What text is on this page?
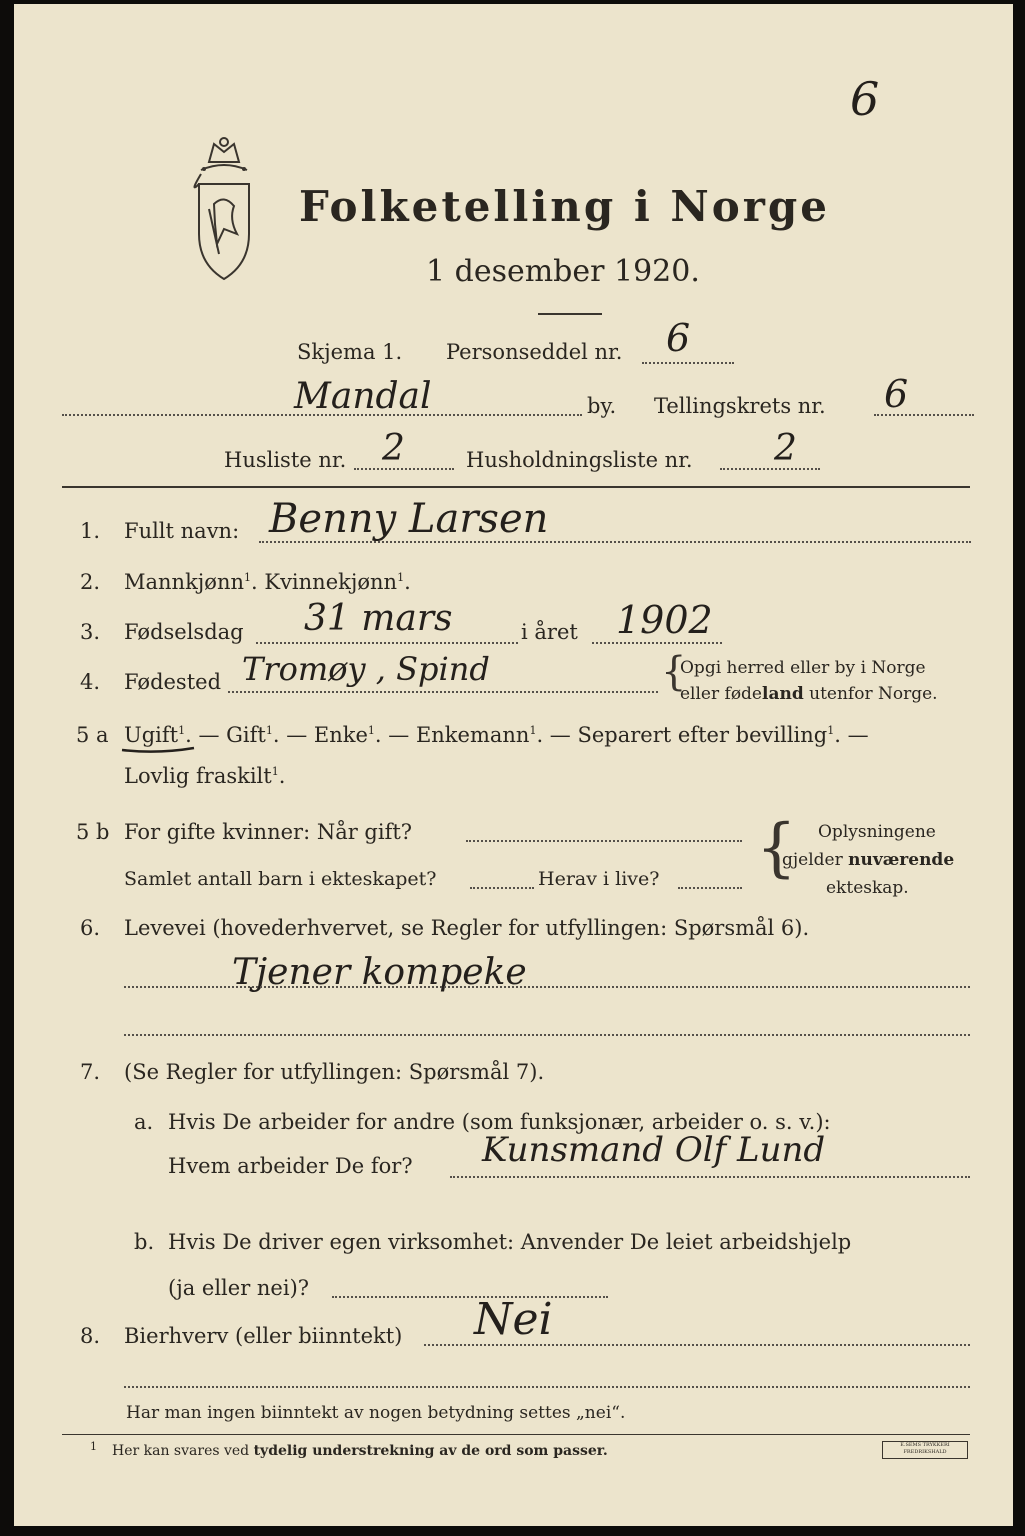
6
Folketelling i Norge
1 desember 1920.
Skjema 1. Personseddel nr. 6
Mandal	by. Tellingskrets nr. 6
Husliste nr. 2	Husholdningsliste nr. 2
1. Fullt navn: Benny Larsen
2. Mannkjønn$^1$. Kvinnekjønn$^1$.
3. Fødselsdag 31 mars	i året 1902
4. Fødested Tromøy , Spind	{
Opgi herred eller by i Norge
eller fødeland utenfor Norge.
5 a Ugift$^1$. — Gift$^1$. — Enke$^1$. — Enkemann$^1$. — Separert efter bevilling$^1$. —
Lovlig fraskilt$^1$.
5 b For gifte kvinner: Når gift?
Samlet antall barn i ekteskapet?	Herav i live? { Oplysningene
gjelder nuværende
ekteskap.
6. Levevei (hovederhvervet, se Regler for utfyllingen: Spørsmål 6).
Tjener kompeke
7. (Se Regler for utfyllingen: Spørsmål 7).
a. Hvis De arbeider for andre (som funksjonær, arbeider o. s. v.):
Hvem arbeider De for? Kunsmand Olf Lund
b. Hvis De driver egen virksomhet: Anvender De leiet arbeidshjelp
(ja eller nei)?
8. Bierhverv (eller biinntekt) Nei
Har man ingen biinntekt av nogen betydning settes „nei“.
1 Her kan svares ved tydelig understrekning av de ord som passer.	E.SEMS TRYKKERI FREDRIKSHALD
